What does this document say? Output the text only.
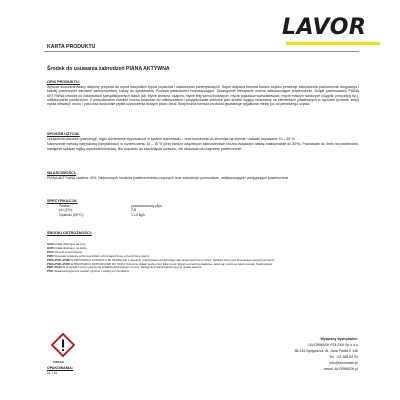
LAVOR
KARTA PRODUKTU
Środek do usuwania zabrudzeń PIANA AKTYWNA
OPIS PRODUKTU:

Wysoce skoncentrowany aktywny preparat do mycia wszystkich typów pojazdów i zastosowań przemysłowych. Super aktywna formuła bardzo szybko penetruje zabrudzenia pochodzenia drogowego i każdej powierzchni karoserii samochodowej. Łatwy do spłukiwania. Posiada właściwości rozpuszczające. Szczególnie efektywnie można odtłuszczające powierzchnie. Dzięki zastosowaniu PIANĄ AKTYWNĄ również do zastosowań specjalistycznych takich jak: Mycie silników, okapów, mycie felg samochodowych, mycie pojazdów warsztatowych, mycie maszyn rolniczych (ciągnik, przyczepy itp.), odtłuszczanie powierzchni. Z powodzeniem również można stosować do odtłuszczania i przygotowania sekforce jako środek myjący stosowany na elementach plastikowych w ogrodzie (krzesła, stoły) mycia elewacji i bruku i potu oraz doskonale płytek czyszczenia tłustych plam i brud. Bezpieczna formuła produktu gwarantuje wyjątkowe efekty już od pierwszego użycia.

SPOSÓB UŻYCIA:

Urządzenia pianowe (pianomyje, myjki ciśnieniowe wyposażone w system dozowania) – oraz koncentrat do zbiornika na chemie i ustawić dozowanie 10 – 15 %.

Nanoszenie metodą natryskową (opryskiwacz) w rozcieńczeniu 10 – 15 % (przy bardzo uciążliwych zabrudzeniach można zwiększyć dawkę maksymalnie do 30%). Pozostawić do 3min na powierzchni, następnie spłukać myjką wysokociśnieniową. Nie dopuścić do zaschnięcia roztworu, nie stosować na rozgrzane powierzchnie.

WŁAŚCIWOŚCI:

PIANA AKTYWNA zawiera <5%, Niejonowych środków powierzchniowo-czynnych oraz substancje pomocnicze, nabłyszczające i pielęgnujące powierzchnie

SPECYFIKACJA:
Postać:	pomarańczowy płyn
pH (1%):	7-8
Gęstość (20°C):	1,10 kg/L
ŚRODKI OSTROŻNOŚCI:
H319 Działa drażniąco na oczy.
H315 Działa drażniąco na skórę.
P102 Chronić przed dziećmi.
P280 Stosować rękawice ochronne/odzież ochronną/ochronę oczu/ochronę twarzy.
P305+P351+P338 W PRZYPADKU KONTAKTU ZE SKÓRĄ (lub z włosami): natychmiast usunąć/zdjąć całą zanieczyszczoną odzież. Spłukać skórę pod strumieniem wody/prysznicem.
P303+P361+P353 W PRZYPADKU DOSTANIA SIĘ DO OCZU: Ostrożnie płukać wodą przez kilka minut. Wyjąć soczewki kontaktowe, jeżeli są i można je łatwo usunąć. Nadal płukać.
P337+P313 W przypadku utrzymywania się działania drażniącego na oczy: Zasięgnąć porady/zgłosić się pod opiekę lekarza.
P501 Zawartość/pojemnik usuwać zgodnie z lokalnymi przepisami.
UWAGA
OPAKOWANIA:
1L / 4L
Wyłączny dystrybutor:
LAVORWASH POLSKA Sp z o.o
85-151 Bydgoszcz, Al. Jana Pawła II 146
Tel. : 52 388 64 93
info@lavorwash.pl
www.LAVORWASH.pl
